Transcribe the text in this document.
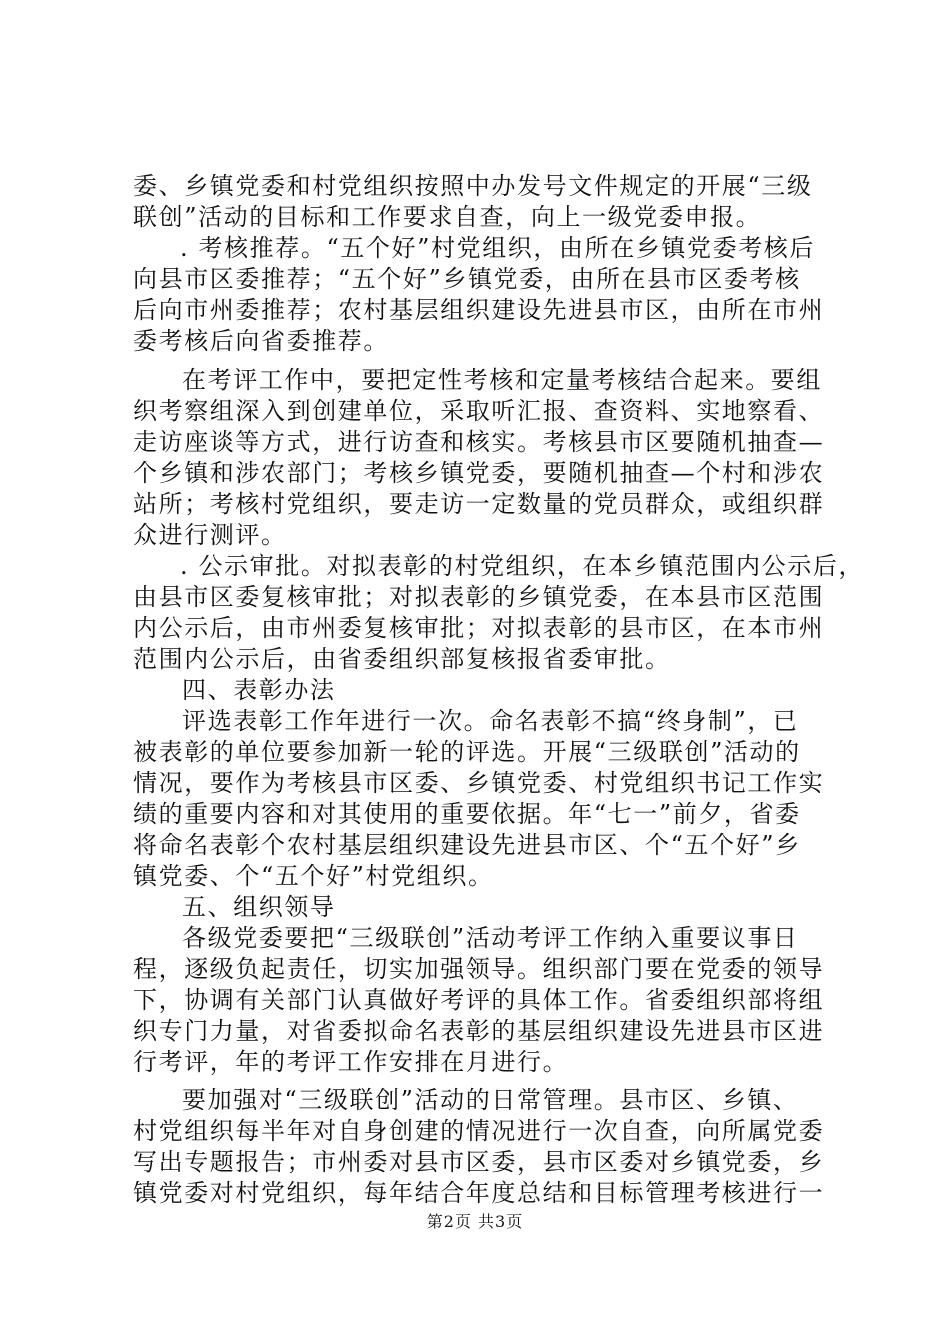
委、乡镇党委和村党组织按照中办发号文件规定的开展“三级
联创”活动的目标和工作要求自查，向上一级党委申报。
. 考核推荐。“五个好”村党组织，由所在乡镇党委考核后
向县市区委推荐；“五个好”乡镇党委，由所在县市区委考核
后向市州委推荐；农村基层组织建设先进县市区，由所在市州
委考核后向省委推荐。
在考评工作中，要把定性考核和定量考核结合起来。要组
织考察组深入到创建单位，采取听汇报、查资料、实地察看、
走访座谈等方式，进行访查和核实。考核县市区要随机抽查—
个乡镇和涉农部门；考核乡镇党委，要随机抽查—个村和涉农
站所；考核村党组织，要走访一定数量的党员群众，或组织群
众进行测评。
. 公示审批。对拟表彰的村党组织，在本乡镇范围内公示后，
由县市区委复核审批；对拟表彰的乡镇党委，在本县市区范围
内公示后，由市州委复核审批；对拟表彰的县市区，在本市州
范围内公示后，由省委组织部复核报省委审批。
四、表彰办法
评选表彰工作年进行一次。命名表彰不搞“终身制”，已
被表彰的单位要参加新一轮的评选。开展“三级联创”活动的
情况，要作为考核县市区委、乡镇党委、村党组织书记工作实
绩的重要内容和对其使用的重要依据。年“七一”前夕，省委
将命名表彰个农村基层组织建设先进县市区、个“五个好”乡
镇党委、个“五个好”村党组织。
五、组织领导
各级党委要把“三级联创”活动考评工作纳入重要议事日
程，逐级负起责任，切实加强领导。组织部门要在党委的领导
下，协调有关部门认真做好考评的具体工作。省委组织部将组
织专门力量，对省委拟命名表彰的基层组织建设先进县市区进
行考评，年的考评工作安排在月进行。
要加强对“三级联创”活动的日常管理。县市区、乡镇、
村党组织每半年对自身创建的情况进行一次自查，向所属党委
写出专题报告；市州委对县市区委，县市区委对乡镇党委，乡
镇党委对村党组织，每年结合年度总结和目标管理考核进行一
第2页 共3页
